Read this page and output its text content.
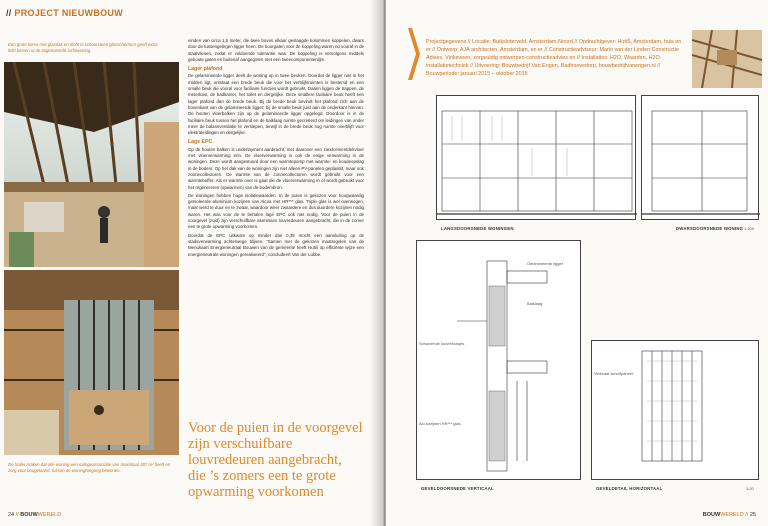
// PROJECT NIEUWBOUW
Een grote korse met glasdak en dicht in schoorsteen glasschermen geeft extra licht binnen ui de zogenoemde luchtwoning.
De trailer maken dat alle woning een ruimgeassociatie van maximaal 387 m² heeft en zorg voor boogelaand, tussen de woningtoegang bewonen.

einden van circa 1,5 meter, die twee boven elkaar geslaagde kolommen koppelen, dwars door de tussengelegen ligger heen. De boorgaten voor de koppeling waren nu vooraf in de staalvliesen, zodat er voldoende tolerantie was. De koppeling is vervolgens middels geboute gaten en buitenaf aangegoten met een tweecomponentenlijm.

Lager plafond

De gelamineerde ligger deelt de woning op in twee beuken. Doordat de ligger niet in het midden ligt, ontstaat een brede beuk die voor het verblijfsruimten is bestemd en een smalle beuk die vooral voor faciliaire functies wordt gebruikt. Daarin liggen de trappen, de meterkast, de badkamer, het toilet en dergelijke. Deze smallere faciliaire beuk heeft een lager plafond dan de brede beuk. Bij de brede beuk bevindt het plafond zich aan de bovenkant van de gelamineerde ligger; bij de smalle beuk juist aan de onderkant hiervan. De houten vloerbalken zijn op de gelamineerde ligger opgelegd. Doordoor is in de faciliaire beuk tussen het plafond en de balklaag ruimte gecreëerd om leidingen van onder meer de balansventilatie te verslepen, terwijl in de brede beuk nog ruimte overblijft voor elektraleidingen en dergelijke.

Lage EPC

Op de houten balken is underlayment aanbracht, met daarover een zandcementdekvloer met vloerverwarming erin. De vloerverwarming is ook de enige verwarming in de woningen. Deze wordt aangestuurd door een warmtepomp met warmte- en koudeopslag in de bodem. Op het dak van de woningen zijn niet alleen PV-panelen geplaatst, maar ook zonnecollectoren. De warmte van de zonnecollectoren wordt gebruikt voor een warmtebuffer. Als er warmte over is gaat die de vloerverwarming in of wordt gebruikt voor het regenereren (opwarmen) van de bodembron.

De woningen hebben hoge isolatiewaarden. In de puien is gekozen voor hoogwaardig geïsoleerde aluminium kozijnen van Alcoa met HR*** glas. Triple glas is wel overwogen, maar werd te duur en te zwaar, waardoor weer zwaardere en dus duurdere kozijnen nodig waren. Het was voor de te behalen lage EPC ook niet nodig. Voor de puien in de voorgevel (zuid) zijn verschuifbare aluminium louvredeuren aangebracht, die in de zomer een te grote opwarming voorkomen.

Doordat de EPC uitkwam op minder dan 0,35 mocht een aansluiting op de stadsverwarming achterwege blijven. "Samen met de gekozen maatregelen van de Menukaart Energieneutraal Bouwen van de gemeente heeft Hutiŝ op efficiënte wijze een energieneutrale woningen gerealiseerd", concludeert Van der Lubbe.

Voor de puien in de voorgevel zijn verschuifbare louvredeuren aangebracht, die ’s zomers een te grote opwarming voorkomen
24 // BOUWWERELD
Projectgegevens // Locatie: Buiksloterveld, Amsterdam-Noord // Opdrachtgever: HutiŠ, Amsterdam, huis en er // Ontwerp: AJA architecten, Amsterdam, en er // Constructieadviseur: Mario van der Linden Constructie Advies, Vinkeveen, zorgvuldig ontwerpen-constructieadvies en // Installaties: H2O, Waarden, H2O-installatietechniek // Uitvoering: Bouwbedrijf Van Engen, Badhoevedorp, bouwbedrijfvanengen.nl // Bouwperiode: januari 2015 – oktober 2015
LANGSDOORSNEDE WONINGEN	DWARSDOORSNEDE WONING 1:200
Gelamineerde ligger
Balklaag
Schuivende louvrehuisjes
Alu kozijnen HR*** glas
GEVELDOORSNEDE VERTICAAL
Verticaal schuifpaneel
GEVELDETAIL HORIZONTAAL	1:20
BOUWWERELD // 25
